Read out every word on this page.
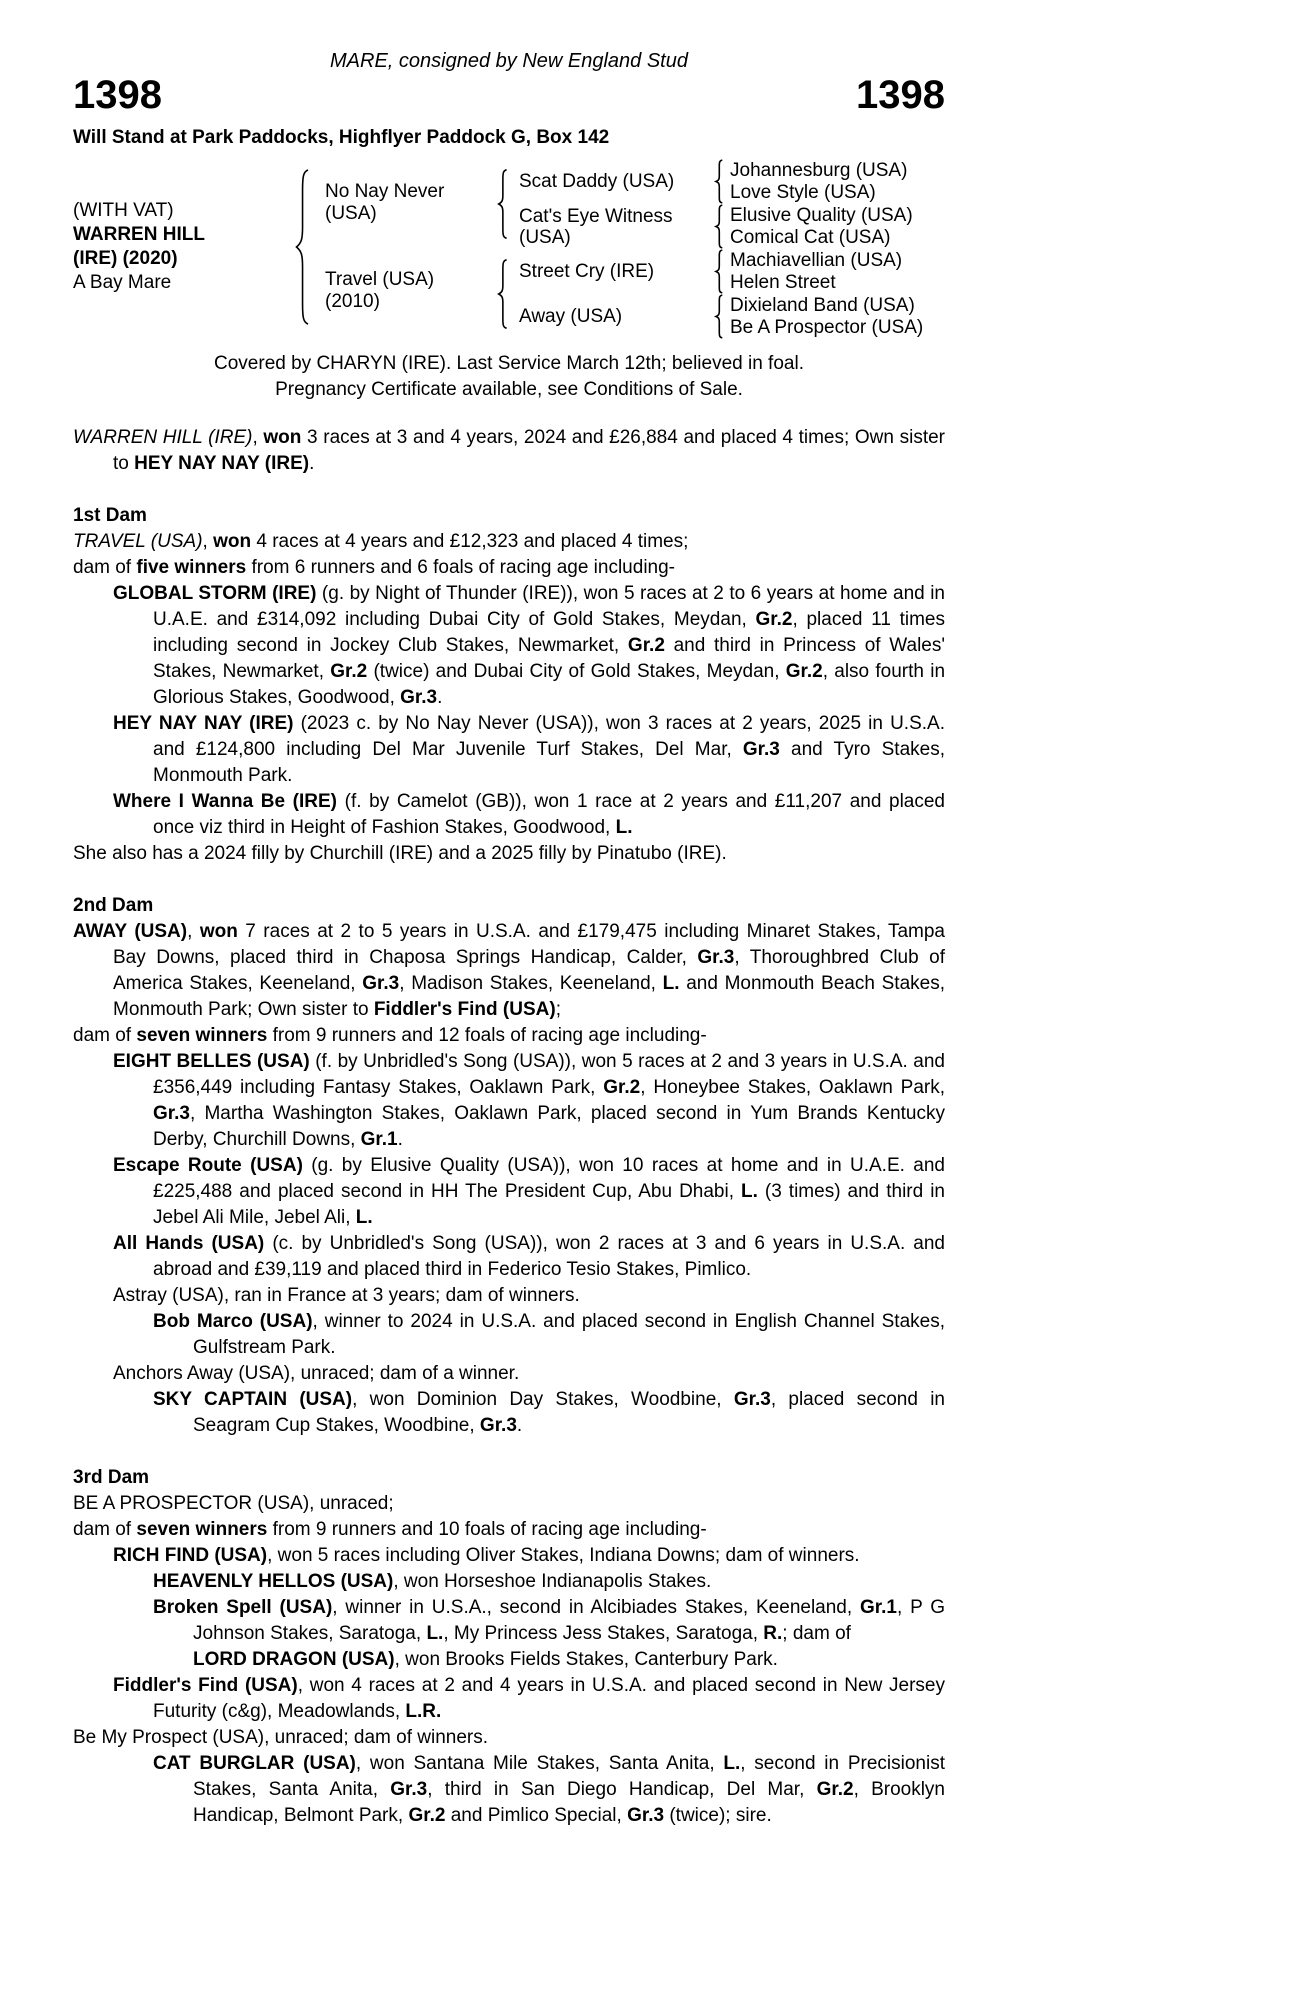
MARE, consigned by New England Stud
1398	1398
Will Stand at Park Paddocks, Highflyer Paddock G, Box 142
(WITH VAT)
WARREN HILL
(IRE) (2020)
A Bay Mare
No Nay Never (USA)
Travel (USA) (2010)
Scat Daddy (USA)
Cat's Eye Witness (USA)
Johannesburg (USA)
Love Style (USA)
Elusive Quality (USA)
Comical Cat (USA)
Street Cry (IRE)
Away (USA)
Machiavellian (USA)
Helen Street
Dixieland Band (USA)
Be A Prospector (USA)
Covered by CHARYN (IRE). Last Service March 12th; believed in foal.
Pregnancy Certificate available, see Conditions of Sale.

WARREN HILL (IRE), won 3 races at 3 and 4 years, 2024 and £26,884 and placed 4 times; Own sister to HEY NAY NAY (IRE).

1st Dam

TRAVEL (USA), won 4 races at 4 years and £12,323 and placed 4 times;

dam of five winners from 6 runners and 6 foals of racing age including-

GLOBAL STORM (IRE) (g. by Night of Thunder (IRE)), won 5 races at 2 to 6 years at home and in U.A.E. and £314,092 including Dubai City of Gold Stakes, Meydan, Gr.2, placed 11 times including second in Jockey Club Stakes, Newmarket, Gr.2 and third in Princess of Wales' Stakes, Newmarket, Gr.2 (twice) and Dubai City of Gold Stakes, Meydan, Gr.2, also fourth in Glorious Stakes, Goodwood, Gr.3.

HEY NAY NAY (IRE) (2023 c. by No Nay Never (USA)), won 3 races at 2 years, 2025 in U.S.A. and £124,800 including Del Mar Juvenile Turf Stakes, Del Mar, Gr.3 and Tyro Stakes, Monmouth Park.

Where I Wanna Be (IRE) (f. by Camelot (GB)), won 1 race at 2 years and £11,207 and placed once viz third in Height of Fashion Stakes, Goodwood, L.

She also has a 2024 filly by Churchill (IRE) and a 2025 filly by Pinatubo (IRE).

2nd Dam

AWAY (USA), won 7 races at 2 to 5 years in U.S.A. and £179,475 including Minaret Stakes, Tampa Bay Downs, placed third in Chaposa Springs Handicap, Calder, Gr.3, Thoroughbred Club of America Stakes, Keeneland, Gr.3, Madison Stakes, Keeneland, L. and Monmouth Beach Stakes, Monmouth Park; Own sister to Fiddler's Find (USA);

dam of seven winners from 9 runners and 12 foals of racing age including-

EIGHT BELLES (USA) (f. by Unbridled's Song (USA)), won 5 races at 2 and 3 years in U.S.A. and £356,449 including Fantasy Stakes, Oaklawn Park, Gr.2, Honeybee Stakes, Oaklawn Park, Gr.3, Martha Washington Stakes, Oaklawn Park, placed second in Yum Brands Kentucky Derby, Churchill Downs, Gr.1.

Escape Route (USA) (g. by Elusive Quality (USA)), won 10 races at home and in U.A.E. and £225,488 and placed second in HH The President Cup, Abu Dhabi, L. (3 times) and third in Jebel Ali Mile, Jebel Ali, L.

All Hands (USA) (c. by Unbridled's Song (USA)), won 2 races at 3 and 6 years in U.S.A. and abroad and £39,119 and placed third in Federico Tesio Stakes, Pimlico.

Astray (USA), ran in France at 3 years; dam of winners.

Bob Marco (USA), winner to 2024 in U.S.A. and placed second in English Channel Stakes, Gulfstream Park.

Anchors Away (USA), unraced; dam of a winner.

SKY CAPTAIN (USA), won Dominion Day Stakes, Woodbine, Gr.3, placed second in Seagram Cup Stakes, Woodbine, Gr.3.

3rd Dam

BE A PROSPECTOR (USA), unraced;

dam of seven winners from 9 runners and 10 foals of racing age including-

RICH FIND (USA), won 5 races including Oliver Stakes, Indiana Downs; dam of winners.

HEAVENLY HELLOS (USA), won Horseshoe Indianapolis Stakes.

Broken Spell (USA), winner in U.S.A., second in Alcibiades Stakes, Keeneland, Gr.1, P G Johnson Stakes, Saratoga, L., My Princess Jess Stakes, Saratoga, R.; dam of

LORD DRAGON (USA), won Brooks Fields Stakes, Canterbury Park.

Fiddler's Find (USA), won 4 races at 2 and 4 years in U.S.A. and placed second in New Jersey Futurity (c&g), Meadowlands, L.R.

Be My Prospect (USA), unraced; dam of winners.

CAT BURGLAR (USA), won Santana Mile Stakes, Santa Anita, L., second in Precisionist Stakes, Santa Anita, Gr.3, third in San Diego Handicap, Del Mar, Gr.2, Brooklyn Handicap, Belmont Park, Gr.2 and Pimlico Special, Gr.3 (twice); sire.
